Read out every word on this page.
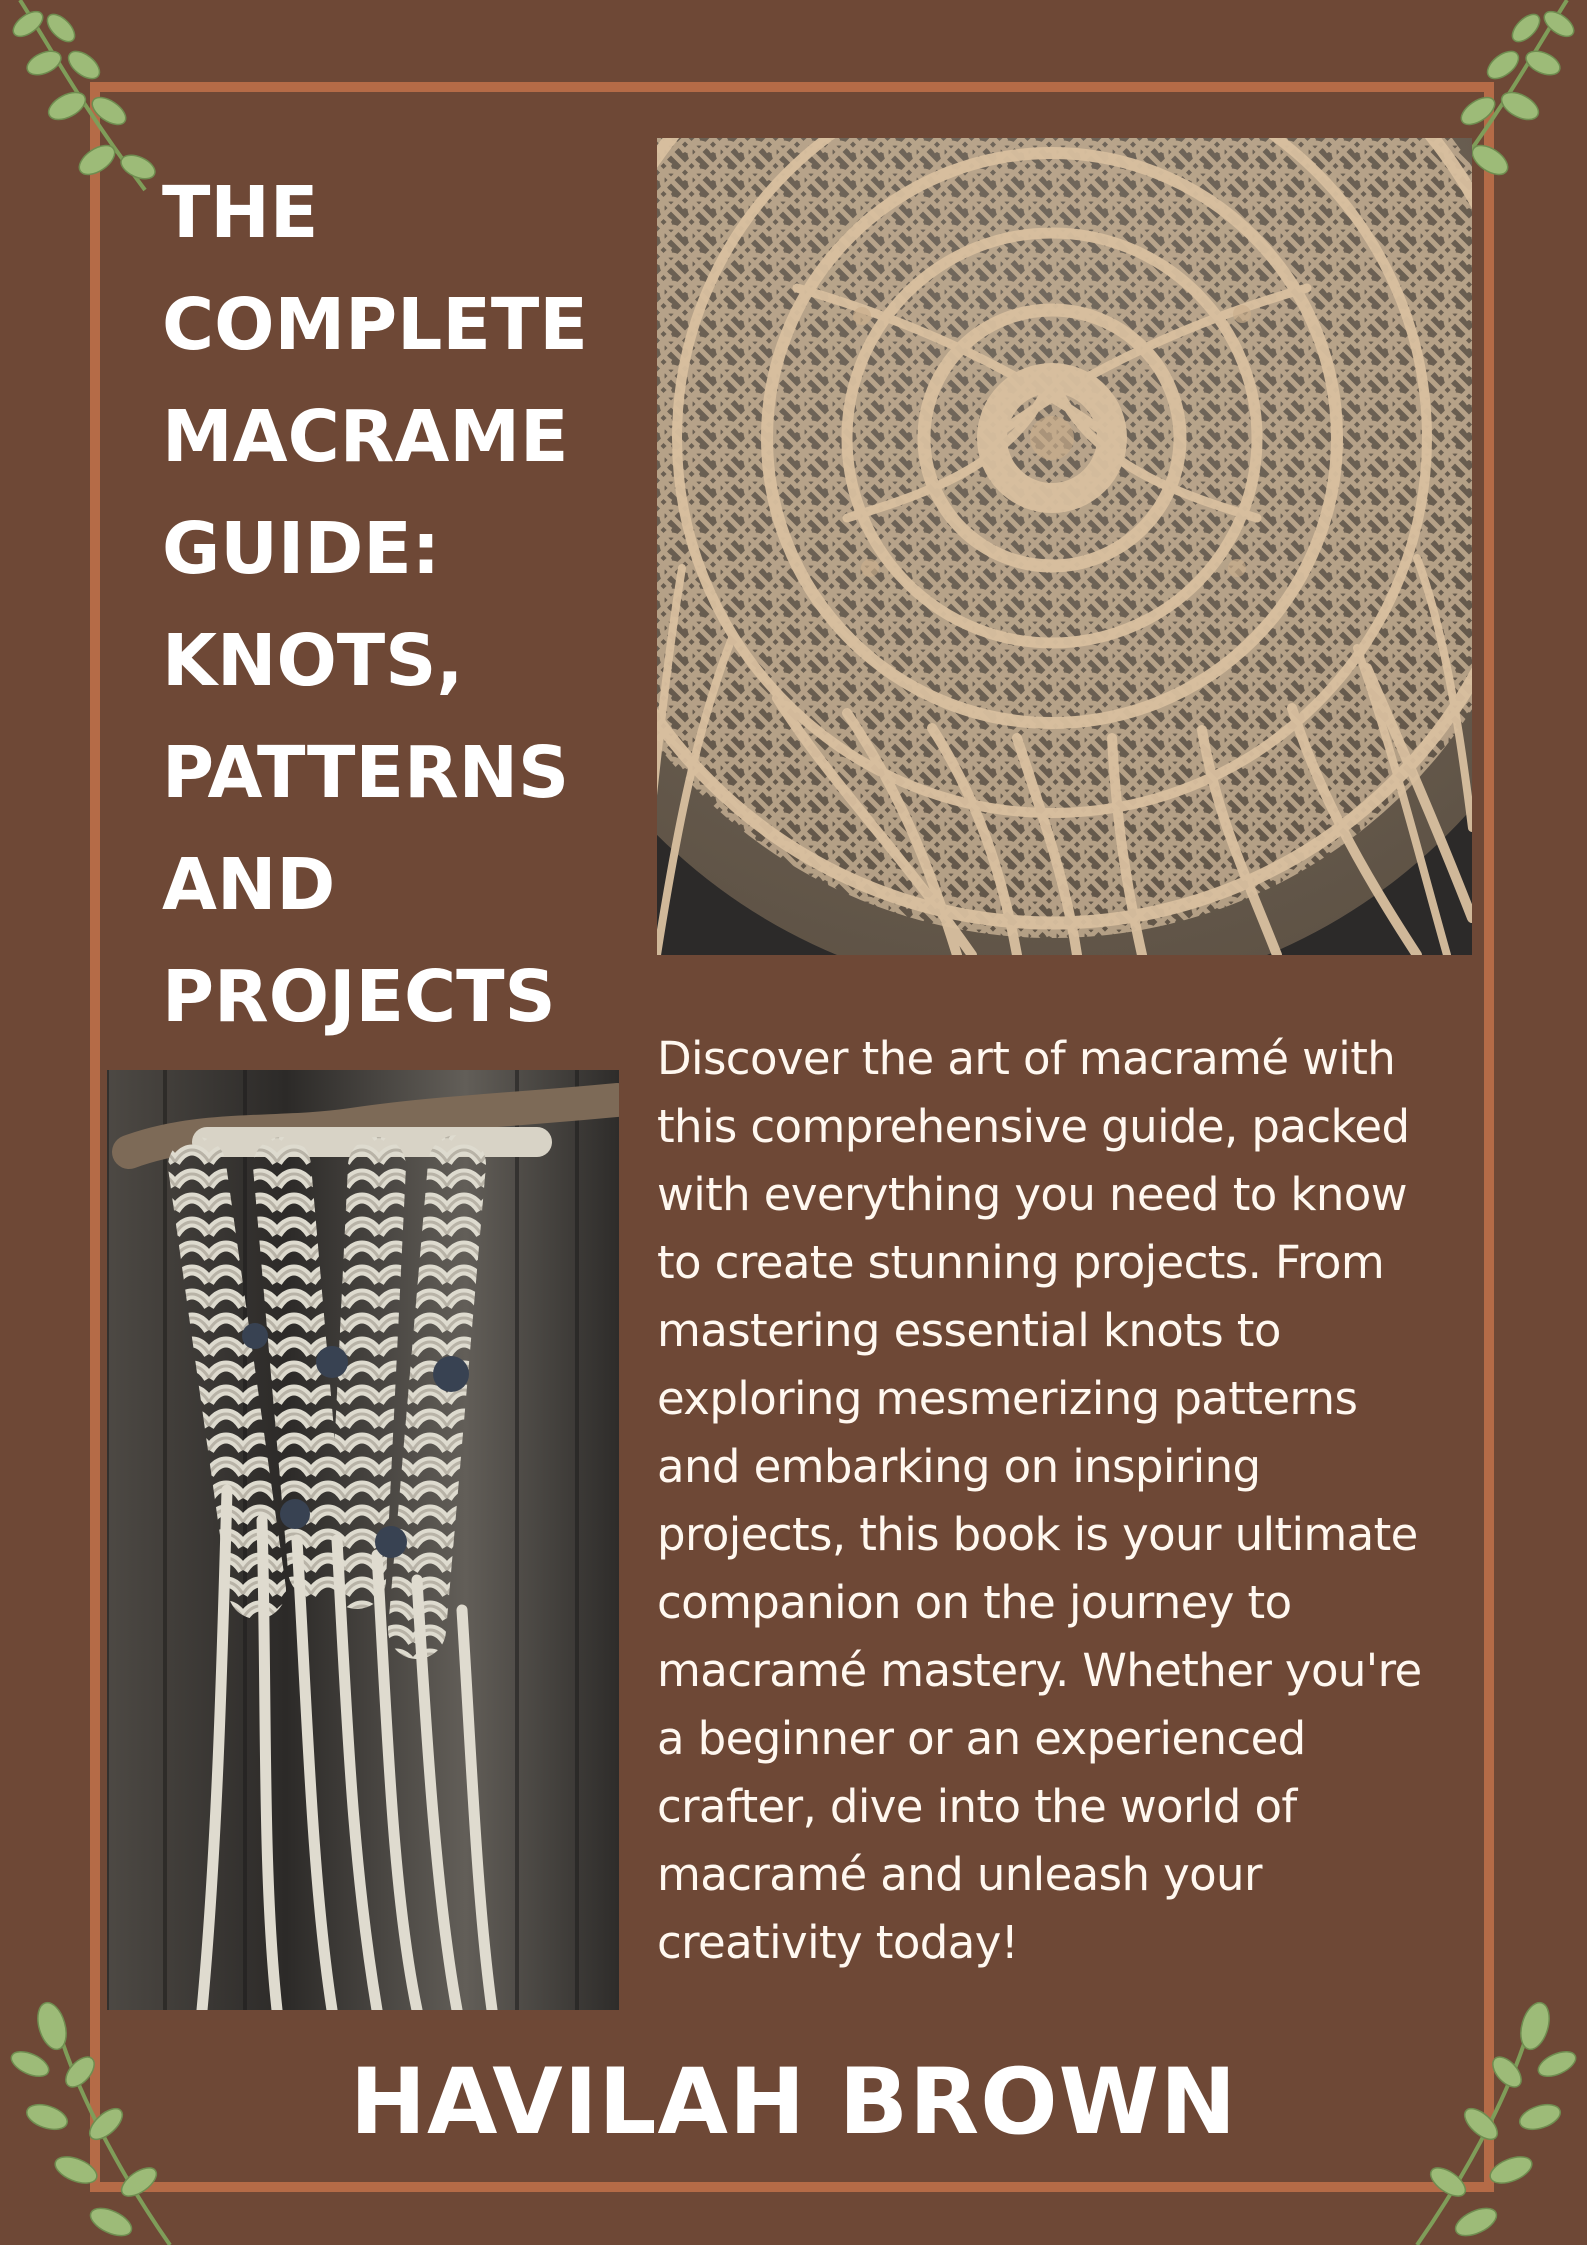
THE
COMPLETE
MACRAME
GUIDE:
KNOTS,
PATTERNS
AND
PROJECTS

Discover the art of macramé with
this comprehensive guide, packed
with everything you need to know
to create stunning projects. From
mastering essential knots to
exploring mesmerizing patterns
and embarking on inspiring
projects, this book is your ultimate
companion on the journey to
macramé mastery. Whether you're
a beginner or an experienced
crafter, dive into the world of
macramé and unleash your
creativity today!

HAVILAH BROWN
